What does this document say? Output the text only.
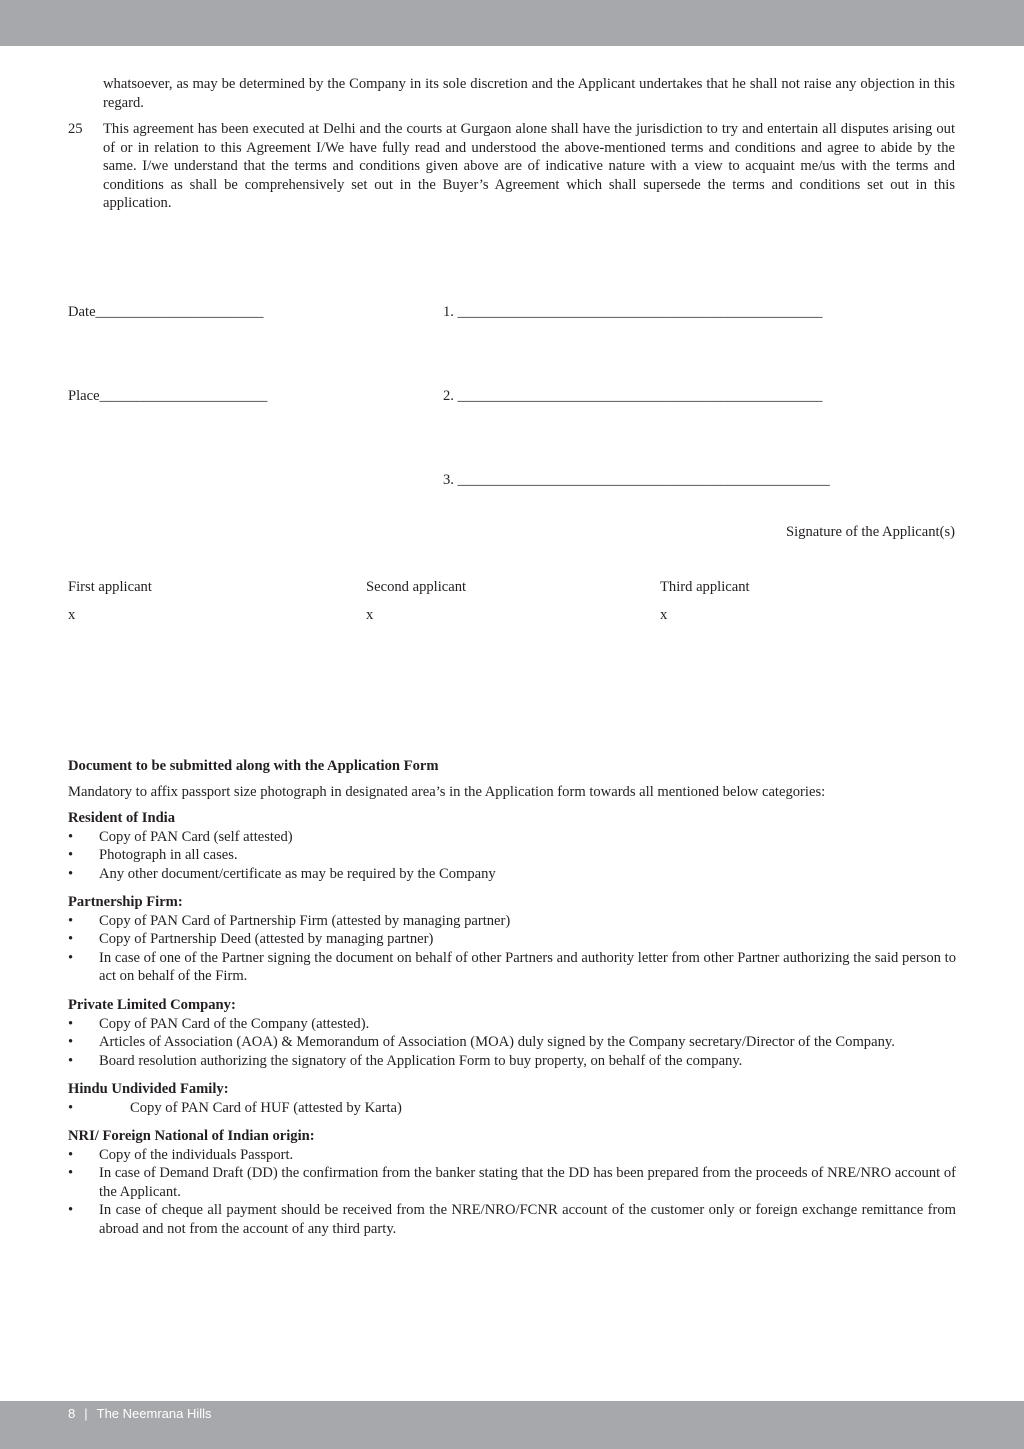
whatsoever, as may be determined by the Company in its sole discretion and the Applicant undertakes that he shall not raise any objection in this regard.
25 This agreement has been executed at Delhi and the courts at Gurgaon alone shall have the jurisdiction to try and entertain all disputes arising out of or in relation to this Agreement I/We have fully read and understood the above-mentioned terms and conditions and agree to abide by the same. I/we understand that the terms and conditions given above are of indicative nature with a view to acquaint me/us with the terms and conditions as shall be comprehensively set out in the Buyer’s Agreement which shall supersede the terms and conditions set out in this application.
Date_______________________
Place_______________________
1. __________________________________________________
2. __________________________________________________
3. ___________________________________________________
Signature of the Applicant(s)
First applicant
x
Second applicant
x
Third applicant
x
Document to be submitted along with the Application Form
Mandatory to affix passport size photograph in designated area’s in the Application form towards all mentioned below categories:
Resident of India
• Copy of PAN Card (self attested)
• Photograph in all cases.
• Any other document/certificate as may be required by the Company
Partnership Firm:
• Copy of PAN Card of Partnership Firm (attested by managing partner)
• Copy of Partnership Deed (attested by managing partner)
• In case of one of the Partner signing the document on behalf of other Partners and authority letter from other Partner authorizing the said person to act on behalf of the Firm.
Private Limited Company:
• Copy of PAN Card of the Company (attested).
• Articles of Association (AOA) & Memorandum of Association (MOA) duly signed by the Company secretary/Director of the Company.
• Board resolution authorizing the signatory of the Application Form to buy property, on behalf of the company.
Hindu Undivided Family:
•	Copy of PAN Card of HUF (attested by Karta)
NRI/ Foreign National of Indian origin:
• Copy of the individuals Passport.
• In case of Demand Draft (DD) the confirmation from the banker stating that the DD has been prepared from the proceeds of NRE/NRO account of the Applicant.
• In case of cheque all payment should be received from the NRE/NRO/FCNR account of the customer only or foreign exchange remittance from abroad and not from the account of any third party.
8 | The Neemrana Hills
